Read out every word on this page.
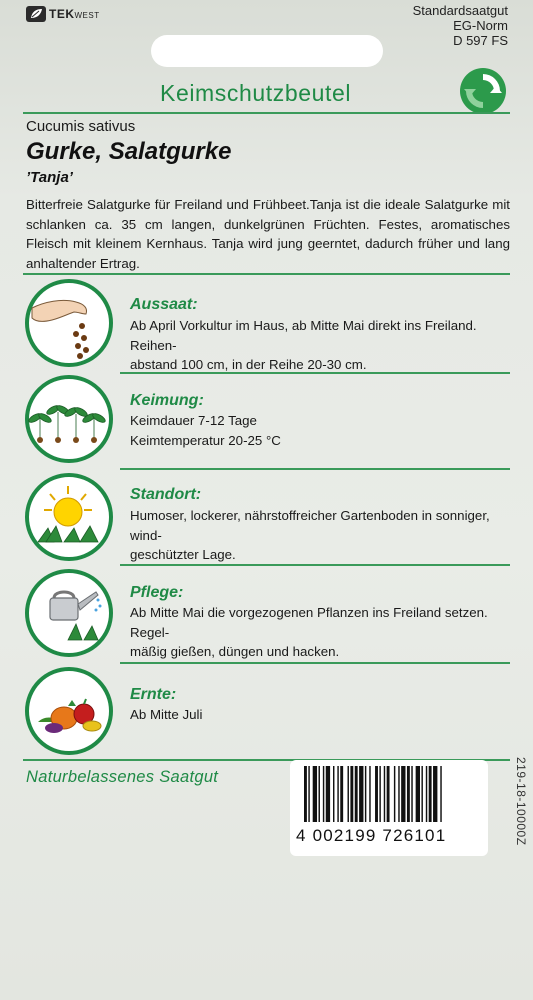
TEKWEST	Standardsaatgut
EG-Norm
D 597 FS
Keimschutzbeutel
Cucumis sativus
Gurke, Salatgurke
’Tanja’
Bitterfreie Salatgurke für Freiland und Frühbeet.Tanja ist die ideale Salatgurke mit schlanken ca. 35 cm langen, dunkelgrünen Früchten. Festes, aromatisches Fleisch mit kleinem Kernhaus. Tanja wird jung geerntet, dadurch früher und lang anhaltender Ertrag.
Aussaat:
Ab April Vorkultur im Haus, ab Mitte Mai direkt ins Freiland. Reihen-
abstand 100 cm, in der Reihe 20-30 cm.
Keimung:
Keimdauer 7-12 Tage
Keimtemperatur 20-25 °C
Standort:
Humoser, lockerer, nährstoffreicher Gartenboden in sonniger, wind-
geschützter Lage.
Pflege:
Ab Mitte Mai die vorgezogenen Pflanzen ins Freiland setzen. Regel-
mäßig gießen, düngen und hacken.
Ernte:
Ab Mitte Juli
Naturbelassenes Saatgut
4 002199 726101	219-18-10000Z
